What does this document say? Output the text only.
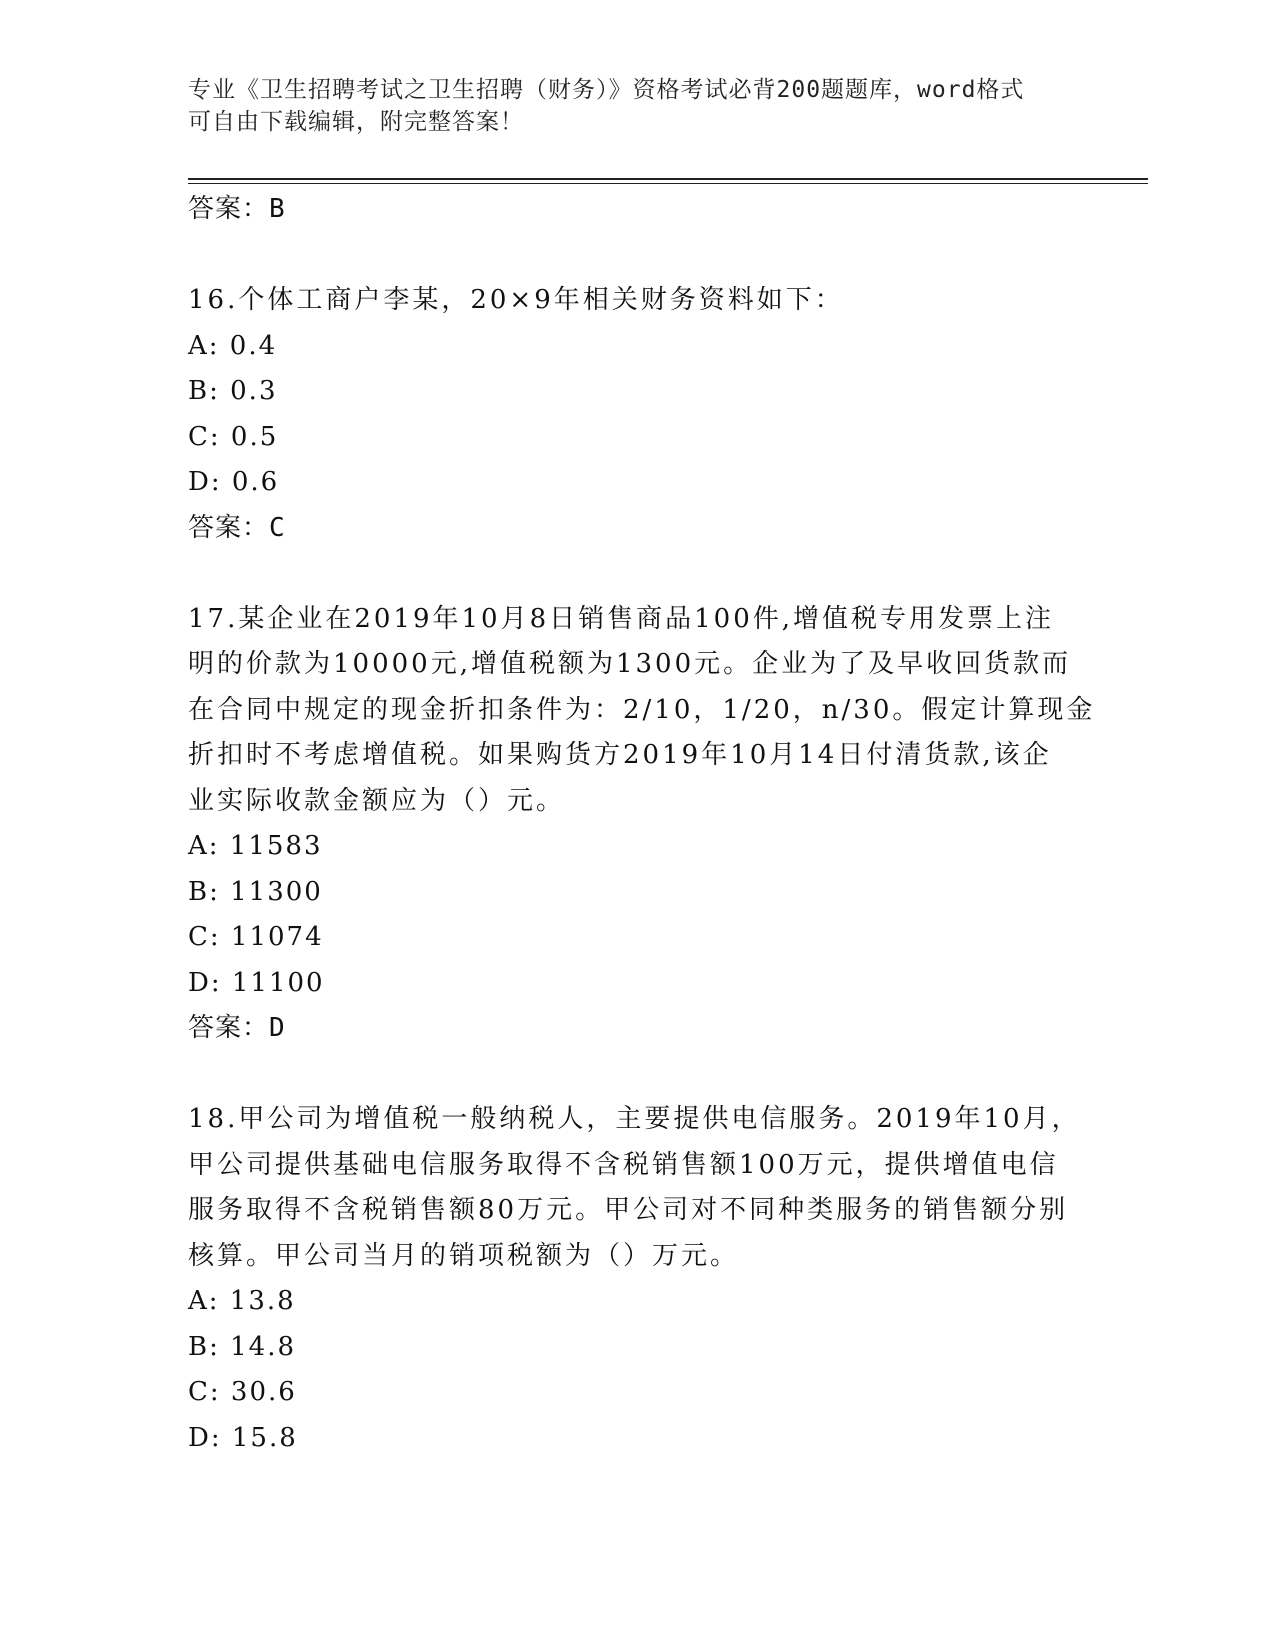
专业《卫生招聘考试之卫生招聘（财务）》资格考试必背200题题库，word格式
可自由下载编辑，附完整答案！
答案：B
16.个体工商户李某，20×9年相关财务资料如下：
A: 0.4
B: 0.3
C: 0.5
D: 0.6
答案：C
17.某企业在2019年10月8日销售商品100件,增值税专用发票上注
明的价款为10000元,增值税额为1300元。企业为了及早收回货款而
在合同中规定的现金折扣条件为：2/10，1/20，n/30。假定计算现金
折扣时不考虑增值税。如果购货方2019年10月14日付清货款,该企
业实际收款金额应为（）元。
A: 11583
B: 11300
C: 11074
D: 11100
答案：D
18.甲公司为增值税一般纳税人，主要提供电信服务。2019年10月，
甲公司提供基础电信服务取得不含税销售额100万元，提供增值电信
服务取得不含税销售额80万元。甲公司对不同种类服务的销售额分别
核算。甲公司当月的销项税额为（）万元。
A: 13.8
B: 14.8
C: 30.6
D: 15.8
